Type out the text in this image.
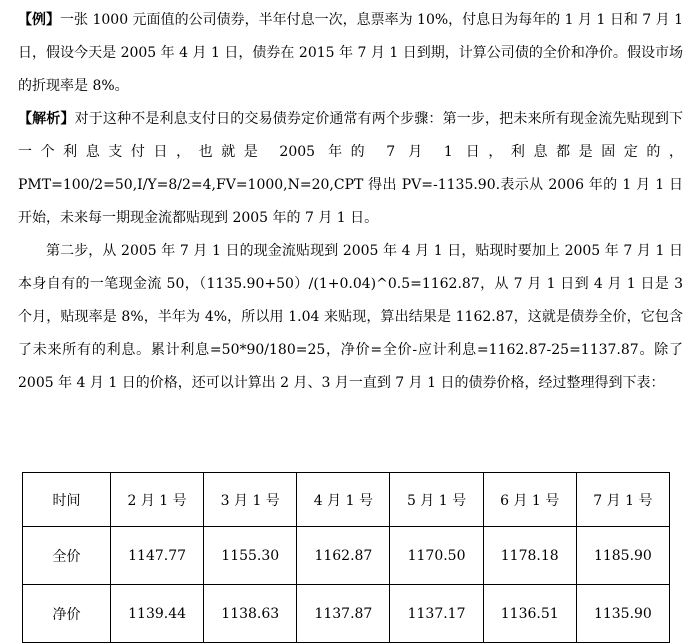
【例】一张 1000 元面值的公司债券，半年付息一次，息票率为 10%，付息日为每年的 1 月 1 日和 7 月 1 日，假设今天是 2005 年 4 月 1 日，债券在 2015 年 7 月 1 日到期，计算公司债的全价和净价。假设市场的折现率是 8%。

【解析】对于这种不是利息支付日的交易债券定价通常有两个步骤：第一步，把未来所有现金流先贴现到下一个利息支付日，也就是 2005 年的 7 月 1 日，利息都是固定的，PMT=100/2=50,I/Y=8/2=4,FV=1000,N=20,CPT 得出 PV=-1135.90.表示从 2006 年的 1 月 1 日开始，未来每一期现金流都贴现到 2005 年的 7 月 1 日。

第二步，从 2005 年 7 月 1 日的现金流贴现到 2005 年 4 月 1 日，贴现时要加上 2005 年 7 月 1 日本身自有的一笔现金流 50，（1135.90+50）/(1+0.04)^0.5=1162.87，从 7 月 1 日到 4 月 1 日是 3 个月，贴现率是 8%，半年为 4%，所以用 1.04 来贴现，算出结果是 1162.87，这就是债券全价，它包含了未来所有的利息。累计利息=50*90/180=25，净价=全价-应计利息=1162.87-25=1137.87。除了 2005 年 4 月 1 日的价格，还可以计算出 2 月、3 月一直到 7 月 1 日的债券价格，经过整理得到下表：

时间	2 月 1 号	3 月 1 号	4 月 1 号	5 月 1 号	6 月 1 号	7 月 1 号
全价	1147.77	1155.30	1162.87	1170.50	1178.18	1185.90
净价	1139.44	1138.63	1137.87	1137.17	1136.51	1135.90
